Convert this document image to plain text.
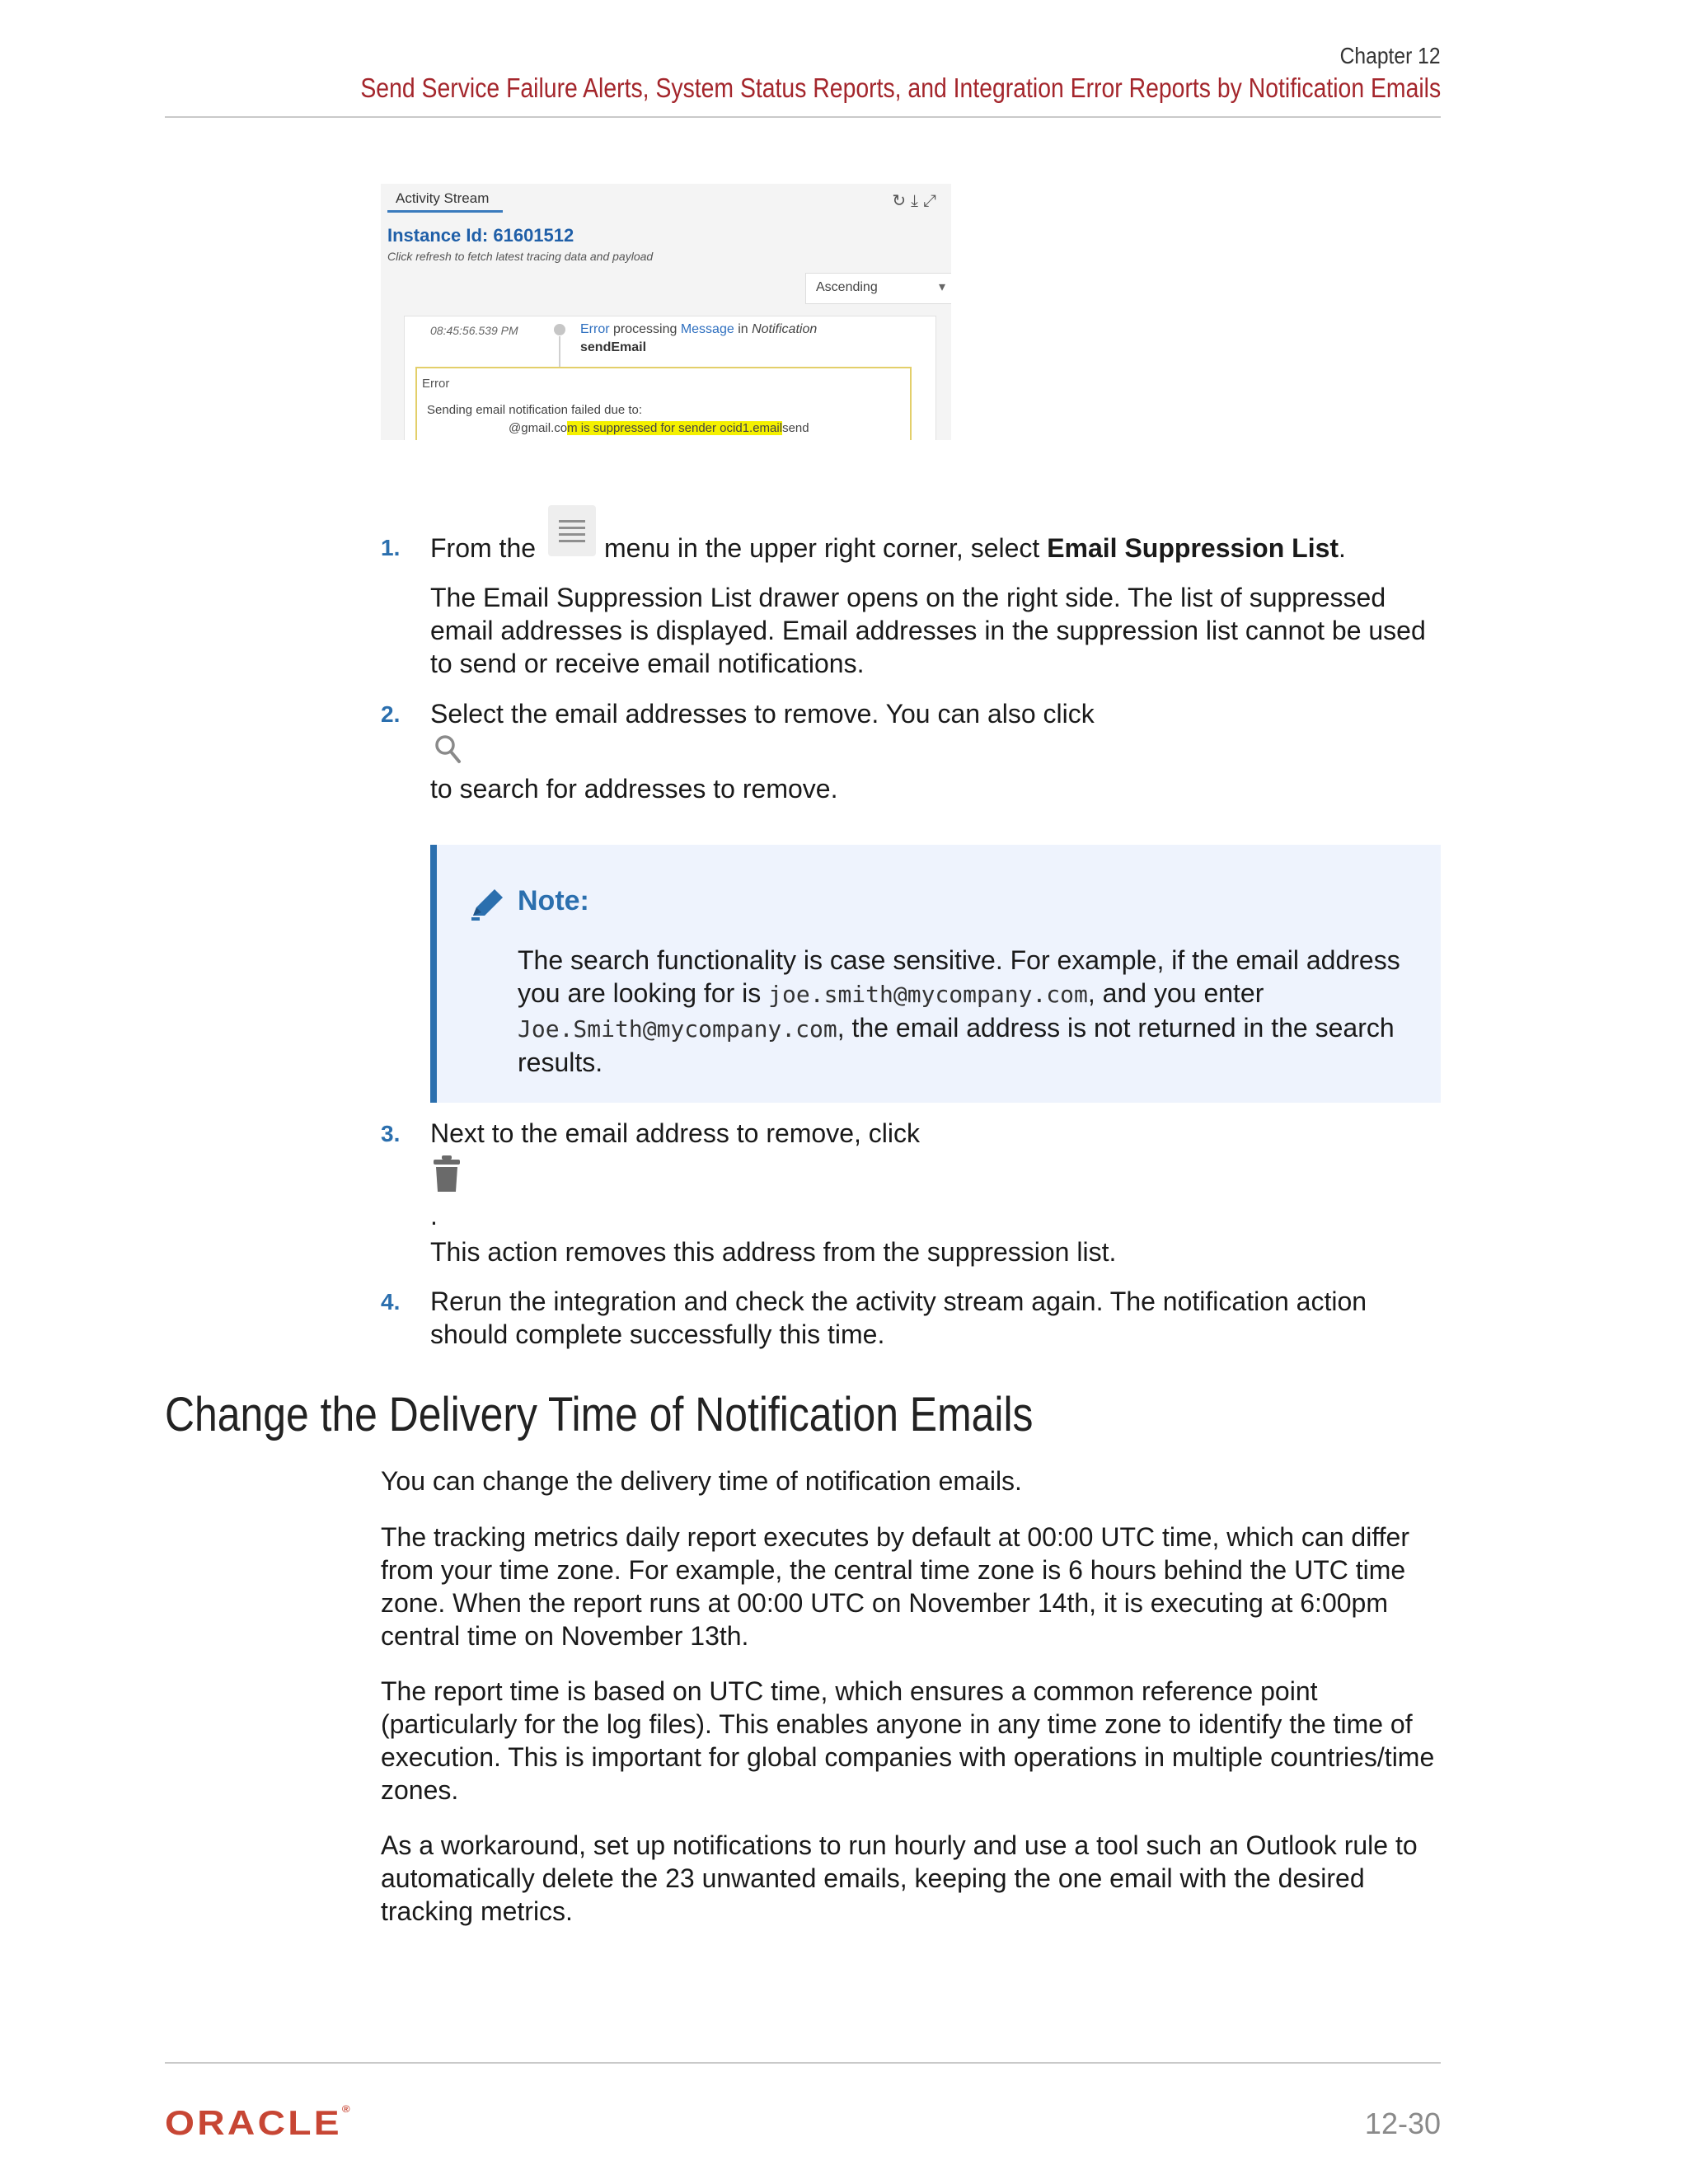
Chapter 12
Send Service Failure Alerts, System Status Reports, and Integration Error Reports by Notification Emails
Activity Stream	↻⤓⤢
Instance Id: 61601512
Click refresh to fetch latest tracing data and payload
Ascending	▾
08:45:56.539 PM	Error processing Message in Notification
sendEmail
Error
Sending email notification failed due to:
@gmail.com is suppressed for sender ocid1.emailsend
1. From the	menu in the upper right corner, select Email Suppression List.
The Email Suppression List drawer opens on the right side. The list of suppressed email addresses is displayed. Email addresses in the suppression list cannot be used to send or receive email notifications.
2. Select the email addresses to remove. You can also click
to search for addresses to remove.
Note:
The search functionality is case sensitive. For example, if the email address you are looking for is joe.smith@mycompany.com, and you enter Joe.Smith@mycompany.com, the email address is not returned in the search results.
3. Next to the email address to remove, click
.
This action removes this address from the suppression list.
4. Rerun the integration and check the activity stream again. The notification action should complete successfully this time.
Change the Delivery Time of Notification Emails
You can change the delivery time of notification emails.
The tracking metrics daily report executes by default at 00:00 UTC time, which can differ from your time zone. For example, the central time zone is 6 hours behind the UTC time zone. When the report runs at 00:00 UTC on November 14th, it is executing at 6:00pm central time on November 13th.
The report time is based on UTC time, which ensures a common reference point (particularly for the log files). This enables anyone in any time zone to identify the time of execution. This is important for global companies with operations in multiple countries/time zones.
As a workaround, set up notifications to run hourly and use a tool such an Outlook rule to automatically delete the 23 unwanted emails, keeping the one email with the desired tracking metrics.
ORACLE®	12-30
